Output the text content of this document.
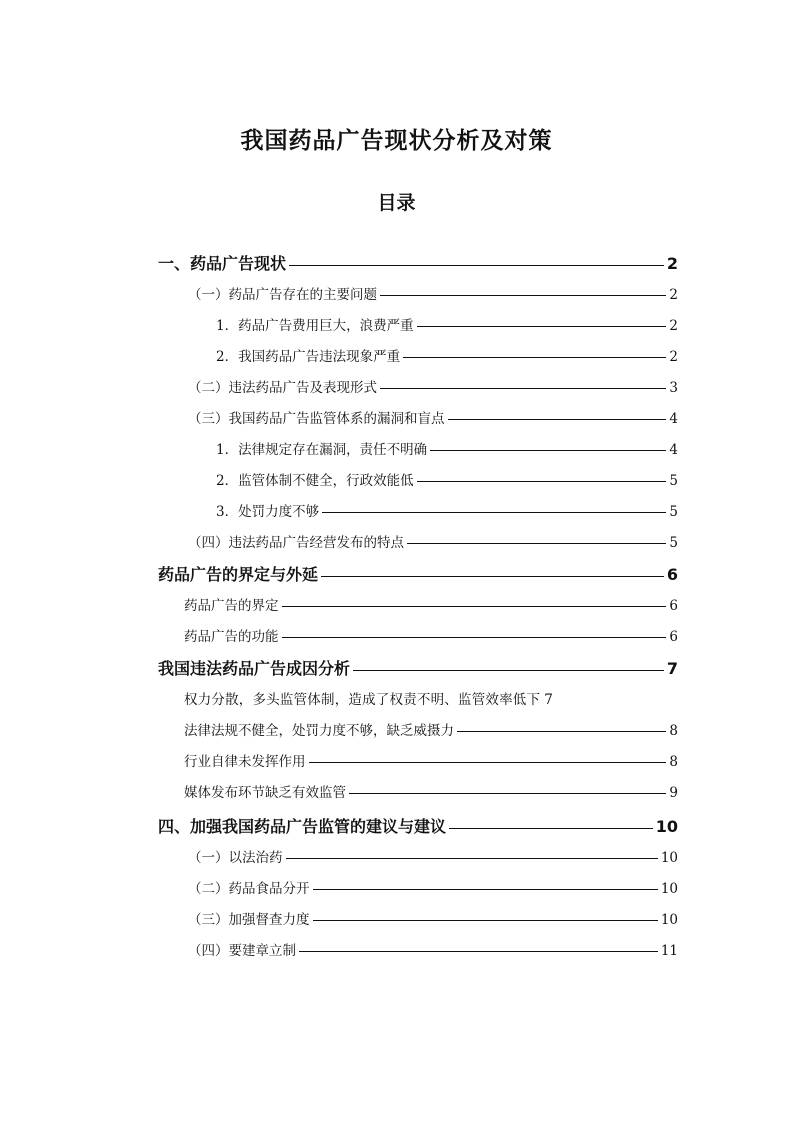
我国药品广告现状分析及对策
目录
一、药品广告现状	2
（一）药品广告存在的主要问题	2
1．药品广告费用巨大，浪费严重	2
2．我国药品广告违法现象严重	2
（二）违法药品广告及表现形式	3
（三）我国药品广告监管体系的漏洞和盲点	4
1．法律规定存在漏洞，责任不明确	4
2．监管体制不健全，行政效能低	5
3．处罚力度不够	5
（四）违法药品广告经营发布的特点	5
药品广告的界定与外延	6
药品广告的界定	6
药品广告的功能	6
我国违法药品广告成因分析	7
权力分散，多头监管体制，造成了权责不明、监管效率低下 7
法律法规不健全，处罚力度不够，缺乏威摄力	8
行业自律未发挥作用	8
媒体发布环节缺乏有效监管	9
四、加强我国药品广告监管的建议与建议	10
（一）以法治药	10
（二）药品食品分开	10
（三）加强督查力度	10
（四）要建章立制	11
